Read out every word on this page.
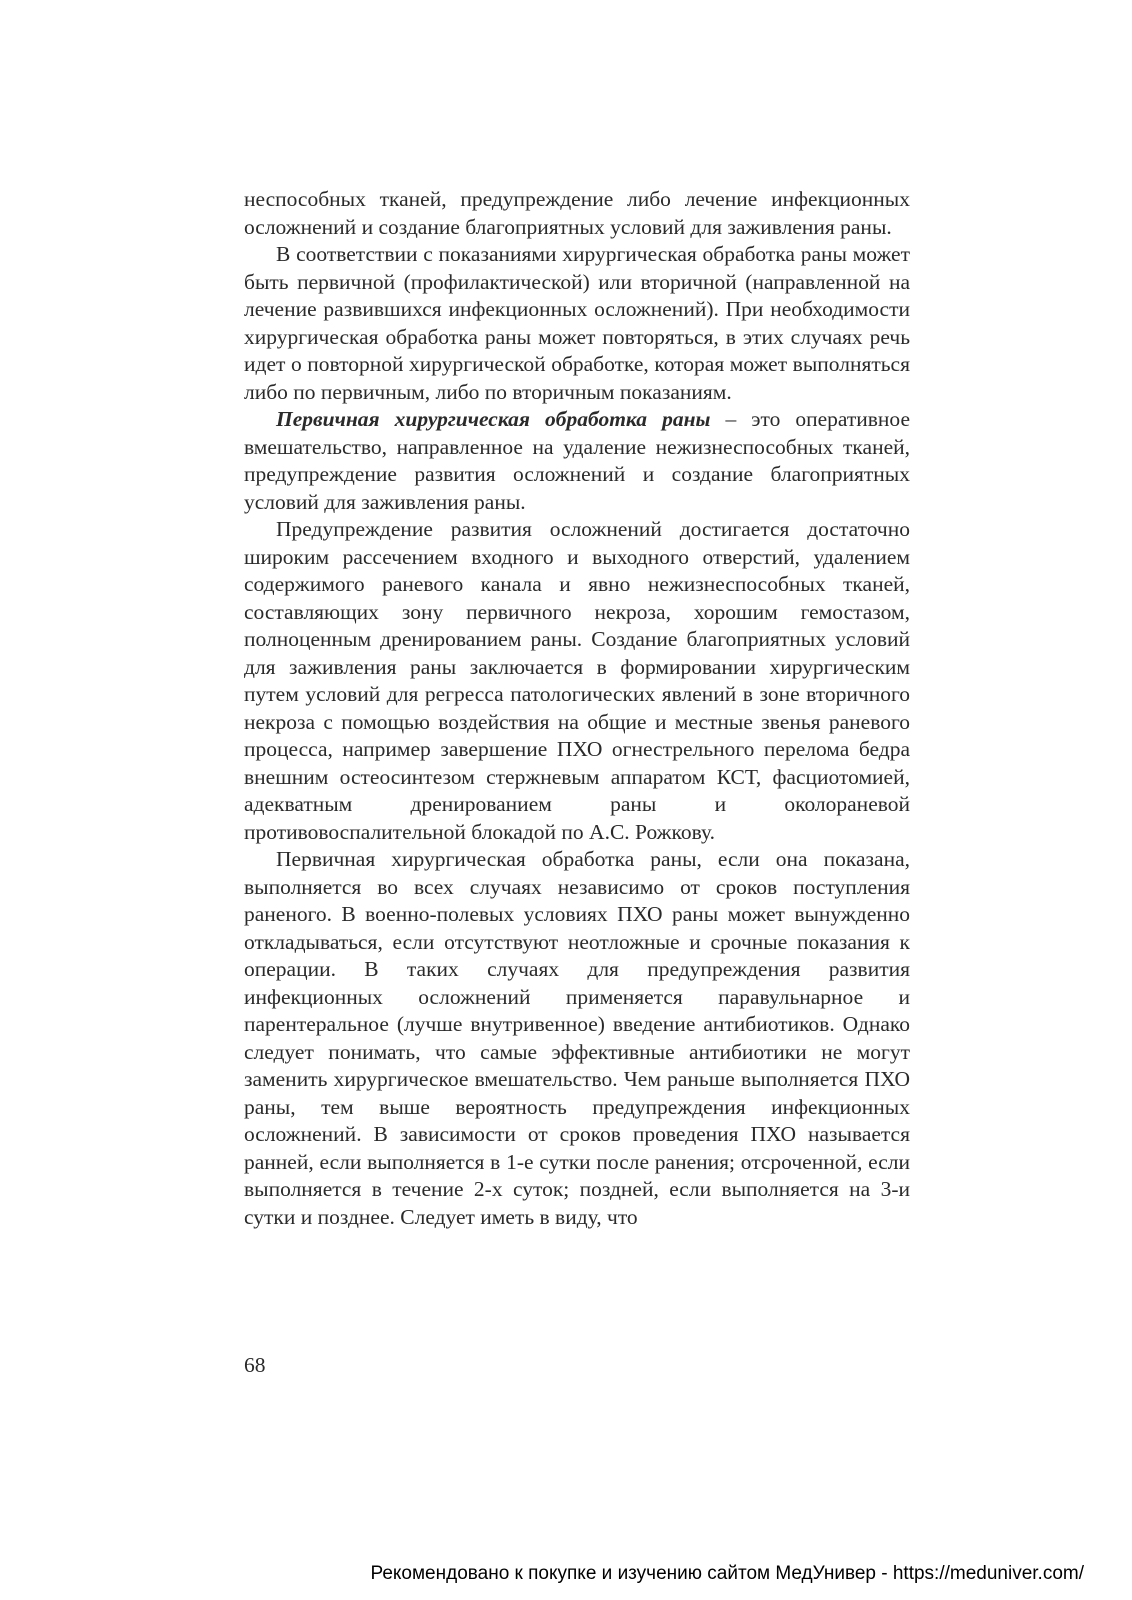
неспособных тканей, предупреждение либо лечение инфекционных осложнений и создание благоприятных условий для заживления раны.

В соответствии с показаниями хирургическая обработка раны может быть первичной (профилактической) или вторичной (направленной на лечение развившихся инфекционных осложнений). При необходимости хирургическая обработка раны может повторяться, в этих случаях речь идет о повторной хирургической обработке, которая может выполняться либо по первичным, либо по вторичным показаниям.

Первичная хирургическая обработка раны – это оперативное вмешательство, направленное на удаление нежизнеспособных тканей, предупреждение развития осложнений и создание благоприятных условий для заживления раны.

Предупреждение развития осложнений достигается достаточно широким рассечением входного и выходного отверстий, удалением содержимого раневого канала и явно нежизнеспособных тканей, составляющих зону первичного некроза, хорошим гемостазом, полноценным дренированием раны. Создание благоприятных условий для заживления раны заключается в формировании хирургическим путем условий для регресса патологических явлений в зоне вторичного некроза с помощью воздействия на общие и местные звенья раневого процесса, например завершение ПХО огнестрельного перелома бедра внешним остеосинтезом стержневым аппаратом КСТ, фасциотомией, адекватным дренированием раны и околораневой противовоспалительной блокадой по А.С. Рожкову.

Первичная хирургическая обработка раны, если она показана, выполняется во всех случаях независимо от сроков поступления раненого. В военно-полевых условиях ПХО раны может вынужденно откладываться, если отсутствуют неотложные и срочные показания к операции. В таких случаях для предупреждения развития инфекционных осложнений применяется паравульнарное и парентеральное (лучше внутривенное) введение антибиотиков. Однако следует понимать, что самые эффективные антибиотики не могут заменить хирургическое вмешательство. Чем раньше выполняется ПХО раны, тем выше вероятность предупреждения инфекционных осложнений. В зависимости от сроков проведения ПХО называется ранней, если выполняется в 1-е сутки после ранения; отсроченной, если выполняется в течение 2-х суток; поздней, если выполняется на 3-и сутки и позднее. Следует иметь в виду, что

68
Рекомендовано к покупке и изучению сайтом МедУнивер - https://meduniver.com/
